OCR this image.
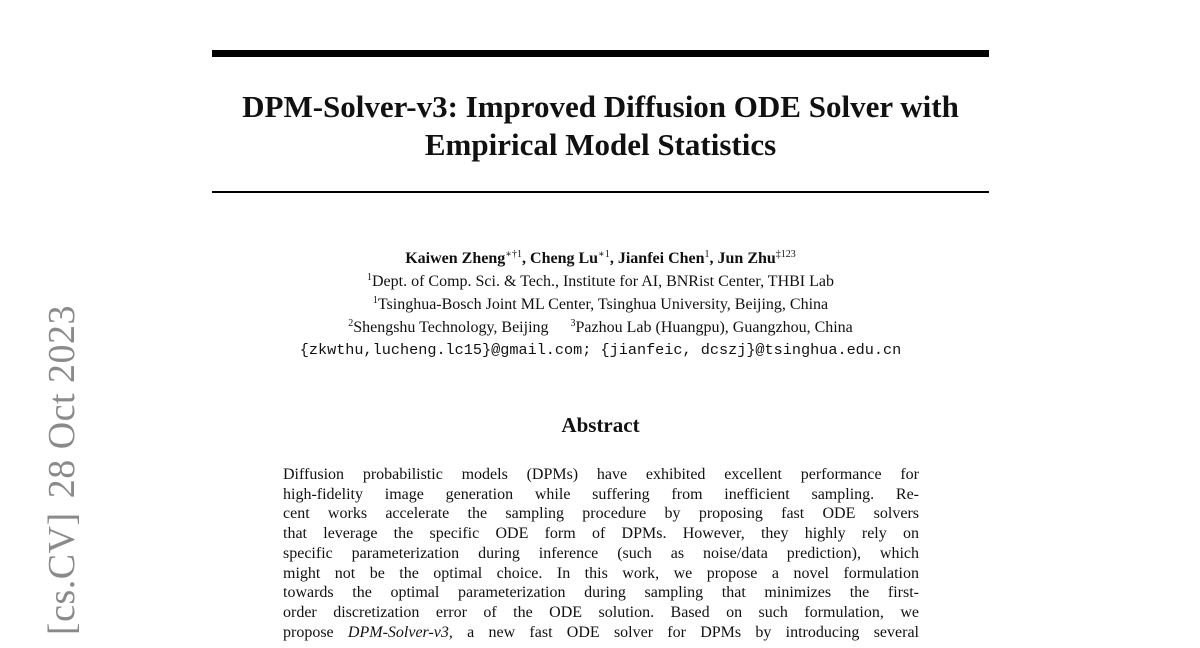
[cs.CV]28 Oct 2023
DPM-Solver-v3: Improved Diffusion ODE Solver with
Empirical Model Statistics
Kaiwen Zheng$^{∗\dagger 1}$, Cheng $Lu^{∗1}$, Jianfei Chen$^1$, Jun Zhu$^{\ddagger 123}$
$^1$Dept. of Comp. Sci. & Tech., Institute for AI, BNRist Center, THBI Lab
$^1$Tsinghua-Bosch Joint ML Center, Tsinghua University, Beijing, China
$^2$Shengshu Technology, Beijing $^3$Pazhou Lab (Huangpu), Guangzhou, China
{zkwthu,lucheng.lc15}@gmail.com; {jianfeic, dcszj}@tsinghua.edu.cn
Abstract
Diffusion probabilistic models (DPMs) have exhibited excellent performance for
high-fidelity image generation while suffering from inefficient sampling. Re-
cent works accelerate the sampling procedure by proposing fast ODE solvers
that leverage the specific ODE form of DPMs. However, they highly rely on
specific parameterization during inference (such as noise/data prediction), which
might not be the optimal choice. In this work, we propose a novel formulation
towards the optimal parameterization during sampling that minimizes the first-
order discretization error of the ODE solution. Based on such formulation, we
propose DPM-Solver-v3, a new fast ODE solver for DPMs by introducing several
